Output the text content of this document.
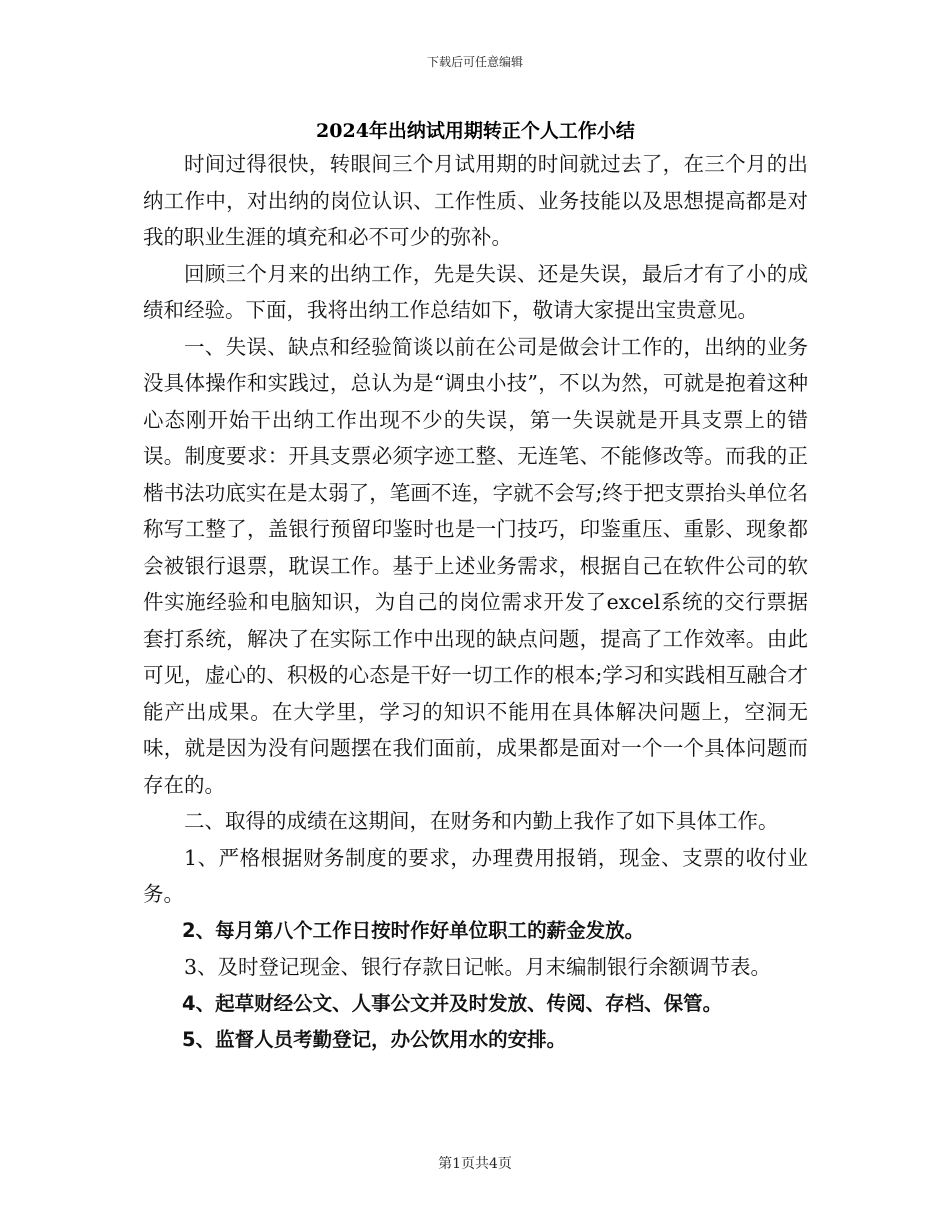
下载后可任意编辑
2024年出纳试用期转正个人工作小结

时间过得很快，转眼间三个月试用期的时间就过去了，在三个月的出纳工作中，对出纳的岗位认识、工作性质、业务技能以及思想提高都是对我的职业生涯的填充和必不可少的弥补。

回顾三个月来的出纳工作，先是失误、还是失误，最后才有了小的成绩和经验。下面，我将出纳工作总结如下，敬请大家提出宝贵意见。

一、失误、缺点和经验简谈以前在公司是做会计工作的，出纳的业务没具体操作和实践过，总认为是“调虫小技”，不以为然，可就是抱着这种心态刚开始干出纳工作出现不少的失误，第一失误就是开具支票上的错误。制度要求：开具支票必须字迹工整、无连笔、不能修改等。而我的正楷书法功底实在是太弱了，笔画不连，字就不会写;终于把支票抬头单位名称写工整了，盖银行预留印鉴时也是一门技巧，印鉴重压、重影、现象都会被银行退票，耽误工作。基于上述业务需求，根据自己在软件公司的软件实施经验和电脑知识，为自己的岗位需求开发了excel系统的交行票据套打系统，解决了在实际工作中出现的缺点问题，提高了工作效率。由此可见，虚心的、积极的心态是干好一切工作的根本;学习和实践相互融合才能产出成果。在大学里，学习的知识不能用在具体解决问题上，空洞无味，就是因为没有问题摆在我们面前，成果都是面对一个一个具体问题而存在的。

二、取得的成绩在这期间，在财务和内勤上我作了如下具体工作。

1、严格根据财务制度的要求，办理费用报销，现金、支票的收付业务。

2、每月第八个工作日按时作好单位职工的薪金发放。

3、及时登记现金、银行存款日记帐。月末编制银行余额调节表。

4、起草财经公文、人事公文并及时发放、传阅、存档、保管。

5、监督人员考勤登记，办公饮用水的安排。

第1页共4页
